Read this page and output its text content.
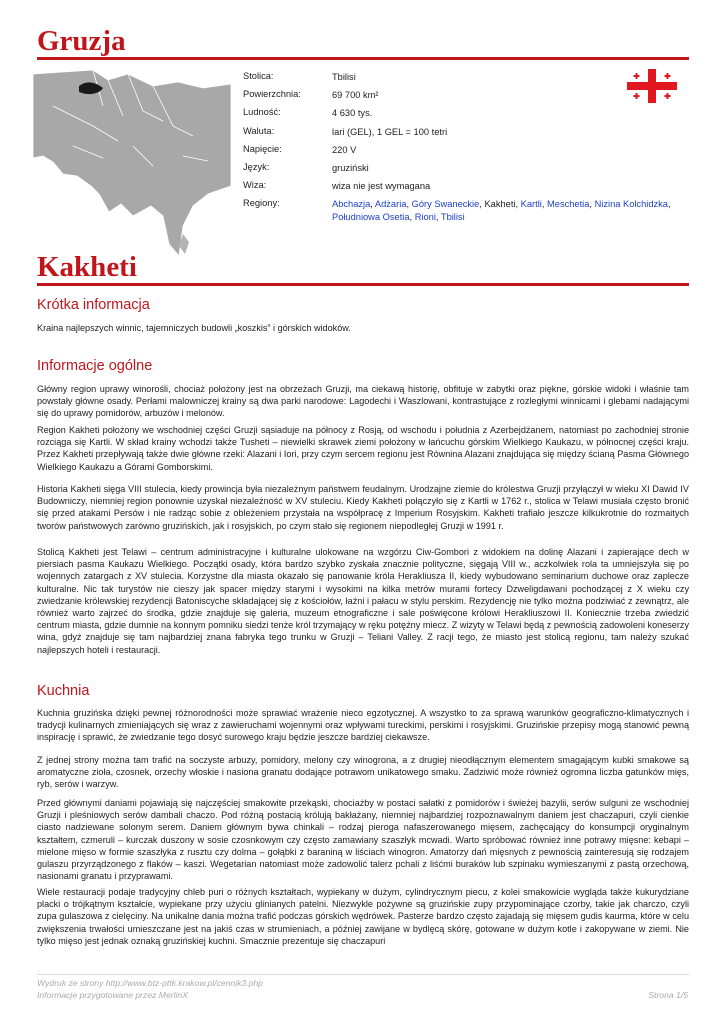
Gruzja
Stolica:	Tbilisi
Powierzchnia:	69 700 km²
Ludność:	4 630 tys.
Waluta:	lari (GEL), 1 GEL = 100 tetri
Napięcie:	220 V
Język:	gruziński
Wiza:	wiza nie jest wymagana
Regiony:	Abchazja, Adżaria, Góry Swaneckie, Kakheti, Kartli, Meschetia, Nizina Kolchidzka, Południowa Osetia, Rioni, Tbilisi
Kakheti
Krótka informacja

Kraina najlepszych winnic, tajemniczych budowli „koszkis” i górskich widoków.

Informacje ogólne

Główny region uprawy winorośli, chociaż położony jest na obrzeżach Gruzji, ma ciekawą historię, obfituje w zabytki oraz piękne, górskie widoki i właśnie tam powstały główne osady. Perłami malowniczej krainy są dwa parki narodowe: Lagodechi i Waszlowani, kontrastujące z rozległymi winnicami i glebami nadającymi się do uprawy pomidorów, arbuzów i melonów.

Region Kakheti położony we wschodniej części Gruzji sąsiaduje na północy z Rosją, od wschodu i południa z Azerbejdżanem, natomiast po zachodniej stronie rozciąga się Kartli. W skład krainy wchodzi także Tusheti – niewielki skrawek ziemi położony w łańcuchu górskim Wielkiego Kaukazu, w północnej części kraju. Przez Kakheti przepływają także dwie główne rzeki: Alazani i Iori, przy czym sercem regionu jest Równina Alazani znajdująca się między ścianą Pasma Głównego Wielkiego Kaukazu a Górami Gomborskimi.

Historia Kakheti sięga VIII stulecia, kiedy prowincja była niezależnym państwem feudalnym. Urodzajne ziemie do królestwa Gruzji przyłączył w wieku XI Dawid IV Budowniczy, niemniej region ponownie uzyskał niezależność w XV stuleciu. Kiedy Kakheti połączyło się z Kartli w 1762 r., stolica w Telawi musiała często bronić się przed atakami Persów i nie radząc sobie z obleżeniem przystała na współpracę z Imperium Rosyjskim. Kakheti trafiało jeszcze kilkukrotnie do rozmaitych tworów państwowych zarówno gruzińskich, jak i rosyjskich, po czym stało się regionem niepodległej Gruzji w 1991 r.

Stolicą Kakheti jest Telawi – centrum administracyjne i kulturalne ulokowane na wzgórzu Ciw-Gombori z widokiem na dolinę Alazani i zapierające dech w piersiach pasma Kaukazu Wielkiego. Początki osady, która bardzo szybko zyskała znacznie polityczne, sięgają VIII w., aczkolwiek rola ta umniejszyła się po wojennych zatargach z XV stulecia. Korzystne dla miasta okazało się panowanie króla Herakliusza II, kiedy wybudowano seminarium duchowe oraz zaplecze kulturalne. Nic tak turystów nie cieszy jak spacer między starymi i wysokimi na kilka metrów murami fortecy Dzweligdawani pochodzącej z X wieku czy zwiedzanie królewskiej rezydencji Batoniscyche składającej się z kościołów, łaźni i pałacu w stylu perskim. Rezydencję nie tylko można podziwiać z zewnątrz, ale również warto zajrzeć do środka, gdzie znajduje się galeria, muzeum etnograficzne i sale poświęcone królowi Herakliuszowi II. Koniecznie trzeba zwiedzić centrum miasta, gdzie dumnie na konnym pomniku siedzi tenże król trzymający w ręku potężny miecz. Z wizyty w Telawi będą z pewnością zadowoleni koneserzy wina, gdyż znajduje się tam najbardziej znana fabryka tego trunku w Gruzji – Teliani Valley. Z racji tego, że miasto jest stolicą regionu, tam należy szukać najlepszych hoteli i restauracji.

Kuchnia

Kuchnia gruzińska dzięki pewnej różnorodności może sprawiać wrażenie nieco egzotycznej. A wszystko to za sprawą warunków geograficzno-klimatycznych i tradycji kulinarnych zmieniających się wraz z zawieruchami wojennymi oraz wpływami tureckimi, perskimi i rosyjskimi. Gruzińskie przepisy mogą stanowić pewną inspirację i sprawić, że zwiedzanie tego dosyć surowego kraju będzie jeszcze bardziej ciekawsze.

Z jednej strony można tam trafić na soczyste arbuzy, pomidory, melony czy winogrona, a z drugiej nieodłącznym elementem smagającym kubki smakowe są aromatyczne zioła, czosnek, orzechy włoskie i nasiona granatu dodające potrawom unikatowego smaku. Zadziwić może również ogromna liczba gatunków mięs, ryb, serów i warzyw.

Przed głównymi daniami pojawiają się najczęściej smakowite przekąski, chociażby w postaci sałatki z pomidorów i świeżej bazylii, serów sulguni ze wschodniej Gruzji i pleśniowych serów dambali chaczo. Pod różną postacią królują bakłażany, niemniej najbardziej rozpoznawalnym daniem jest chaczapuri, czyli cienkie ciasto nadziewane solonym serem. Daniem głównym bywa chinkali – rodzaj pieroga nafaszerowanego mięsem, zachęcający do konsumpcji oryginalnym kształtem, czmeruli – kurczak duszony w sosie czosnkowym czy często zamawiany szaszłyk mcwadi. Warto spróbować również inne potrawy mięsne: kebapi – mielone mięso w formie szaszłyka z rusztu czy dolma – gołąbki z baraniną w liściach winogron. Amatorzy dań mięsnych z pewnością zainteresują się rodzajem gulaszu przyrządzonego z flaków – kaszi. Wegetarian natomiast może zadowolić talerz pchali z liśćmi buraków lub szpinaku wymieszanymi z pastą orzechową, nasionami granatu i przyprawami.

Wiele restauracji podaje tradycyjny chleb puri o różnych kształtach, wypiekany w dużym, cylindrycznym piecu, z kolei smakowicie wygląda także kukurydziane placki o trójkątnym kształcie, wypiekane przy użyciu glinianych patelni. Niezwykle pożywne są gruzińskie zupy przypominające czorby, takie jak charczo, czyli zupa gulaszowa z cielęciny. Na unikalne dania można trafić podczas górskich wędrówek. Pasterze bardzo często zajadają się mięsem gudis kaurma, które w celu zwiększenia trwałości umieszczane jest na jakiś czas w strumieniach, a później zawijane w bydlęcą skórę, gotowane w dużym kotle i zakopywane w ziemi. Nie tylko mięso jest jednak oznaką gruzińskiej kuchni. Smacznie prezentuje się chaczapuri

Wydruk ze strony http://www.btz-pttk.krakow.pl/cennik3.php
Informacje przygotowane przez MerlinX	Strona 1/5
